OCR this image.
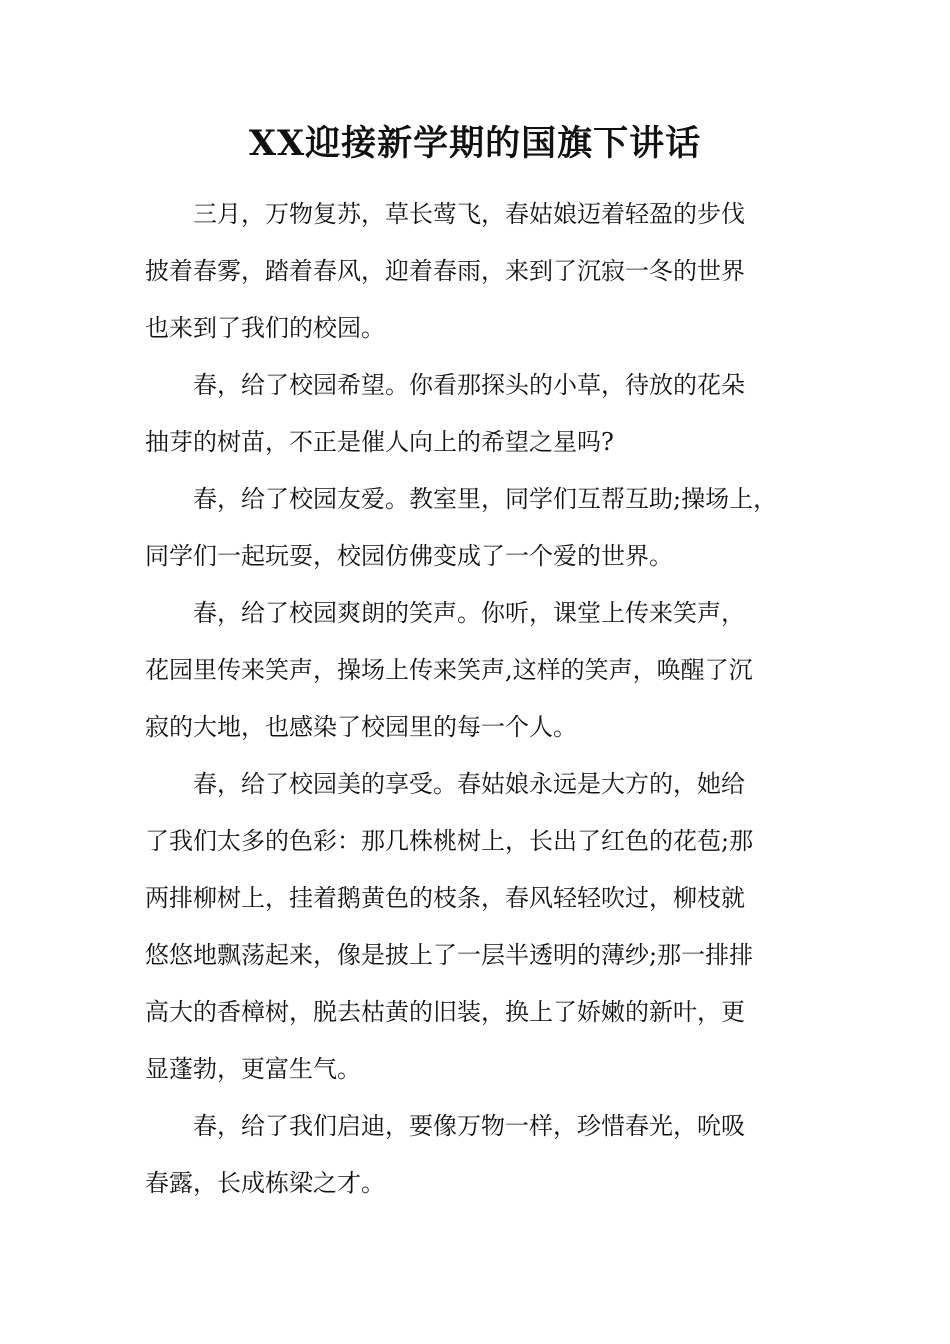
XX迎接新学期的国旗下讲话

　　三月，万物复苏，草长莺飞，春姑娘迈着轻盈的步伐

披着春雾，踏着春风，迎着春雨，来到了沉寂一冬的世界

也来到了我们的校园。

　　春，给了校园希望。你看那探头的小草，待放的花朵

抽芽的树苗，不正是催人向上的希望之星吗?

　　春，给了校园友爱。教室里，同学们互帮互助;操场上，

同学们一起玩耍，校园仿佛变成了一个爱的世界。

　　春，给了校园爽朗的笑声。你听，课堂上传来笑声，

花园里传来笑声，操场上传来笑声,这样的笑声，唤醒了沉

寂的大地，也感染了校园里的每一个人。

　　春，给了校园美的享受。春姑娘永远是大方的，她给

了我们太多的色彩：那几株桃树上，长出了红色的花苞;那

两排柳树上，挂着鹅黄色的枝条，春风轻轻吹过，柳枝就

悠悠地飘荡起来，像是披上了一层半透明的薄纱;那一排排

高大的香樟树，脱去枯黄的旧装，换上了娇嫩的新叶，更

显蓬勃，更富生气。

　　春，给了我们启迪，要像万物一样，珍惜春光，吮吸

春露，长成栋梁之才。
